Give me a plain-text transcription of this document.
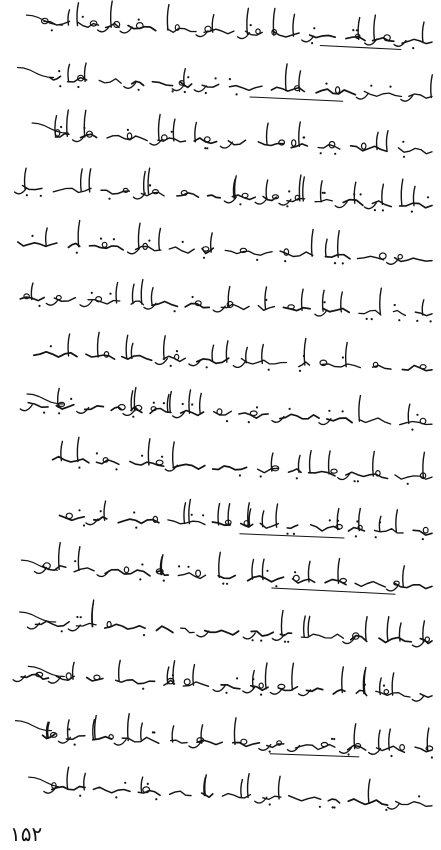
۱۵۲
